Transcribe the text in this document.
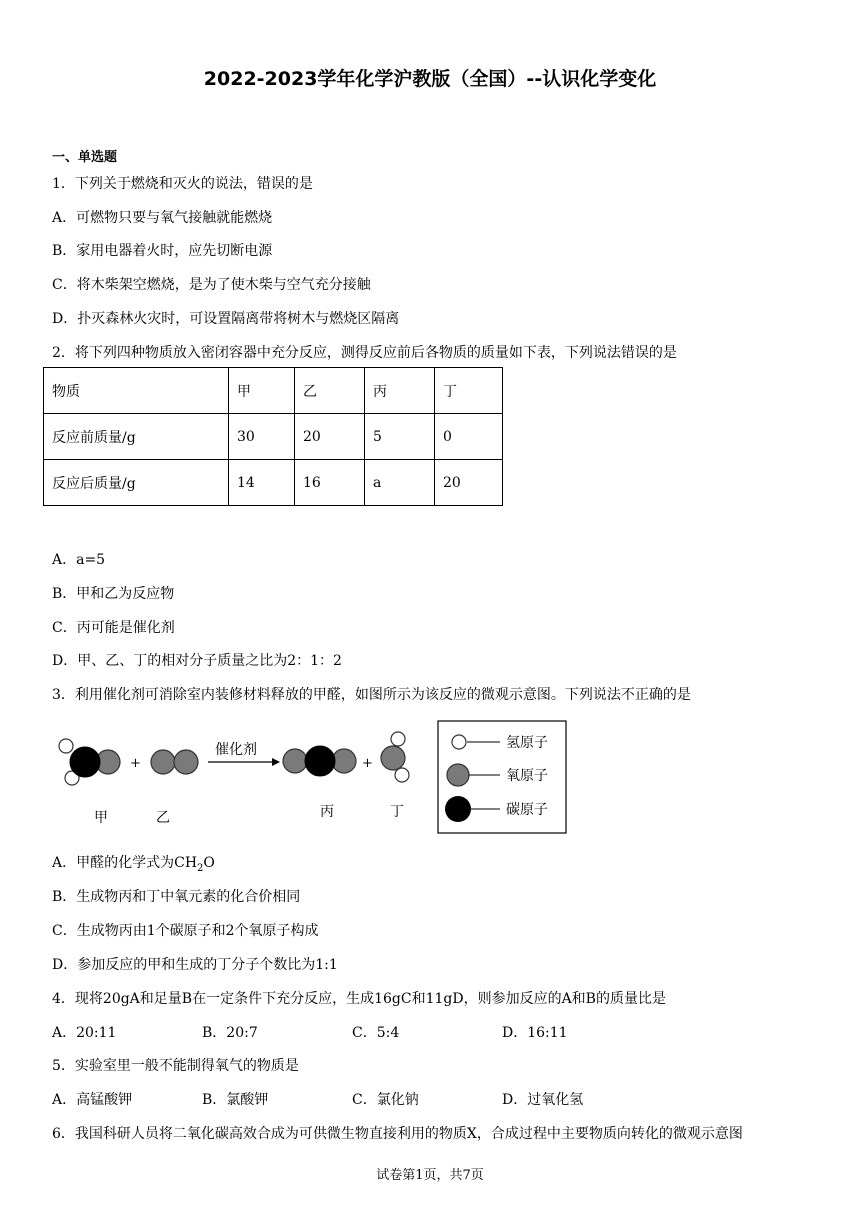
2022-2023学年化学沪教版（全国）--认识化学变化
一、单选题
1．下列关于燃烧和灭火的说法，错误的是
A．可燃物只要与氧气接触就能燃烧
B．家用电器着火时，应先切断电源
C．将木柴架空燃烧，是为了使木柴与空气充分接触
D．扑灭森林火灾时，可设置隔离带将树木与燃烧区隔离
2．将下列四种物质放入密闭容器中充分反应，测得反应前后各物质的质量如下表，下列说法错误的是
物质	甲	乙	丙	丁
反应前质量/g	30	20	5	0
反应后质量/g	14	16	a	20
A．a=5
B．甲和乙为反应物
C．丙可能是催化剂
D．甲、乙、丁的相对分子质量之比为2：1：2
3．利用催化剂可消除室内装修材料释放的甲醛，如图所示为该反应的微观示意图。下列说法不正确的是
+
催化剂
+
甲	乙	丙	丁
氢原子
氧原子
碳原子
A．甲醛的化学式为$CH_2O$
B．生成物丙和丁中氧元素的化合价相同
C．生成物丙由1个碳原子和2个氧原子构成
D．参加反应的甲和生成的丁分子个数比为1:1
4．现将20gA和足量B在一定条件下充分反应，生成16gC和11gD，则参加反应的A和B的质量比是
A．20:11	B．20:7	C．5:4	D．16:11
5．实验室里一般不能制得氧气的物质是
A．高锰酸钾	B．氯酸钾	C．氯化钠	D．过氧化氢
6．我国科研人员将二氧化碳高效合成为可供微生物直接利用的物质X，合成过程中主要物质向转化的微观示意图
试卷第1页，共7页
